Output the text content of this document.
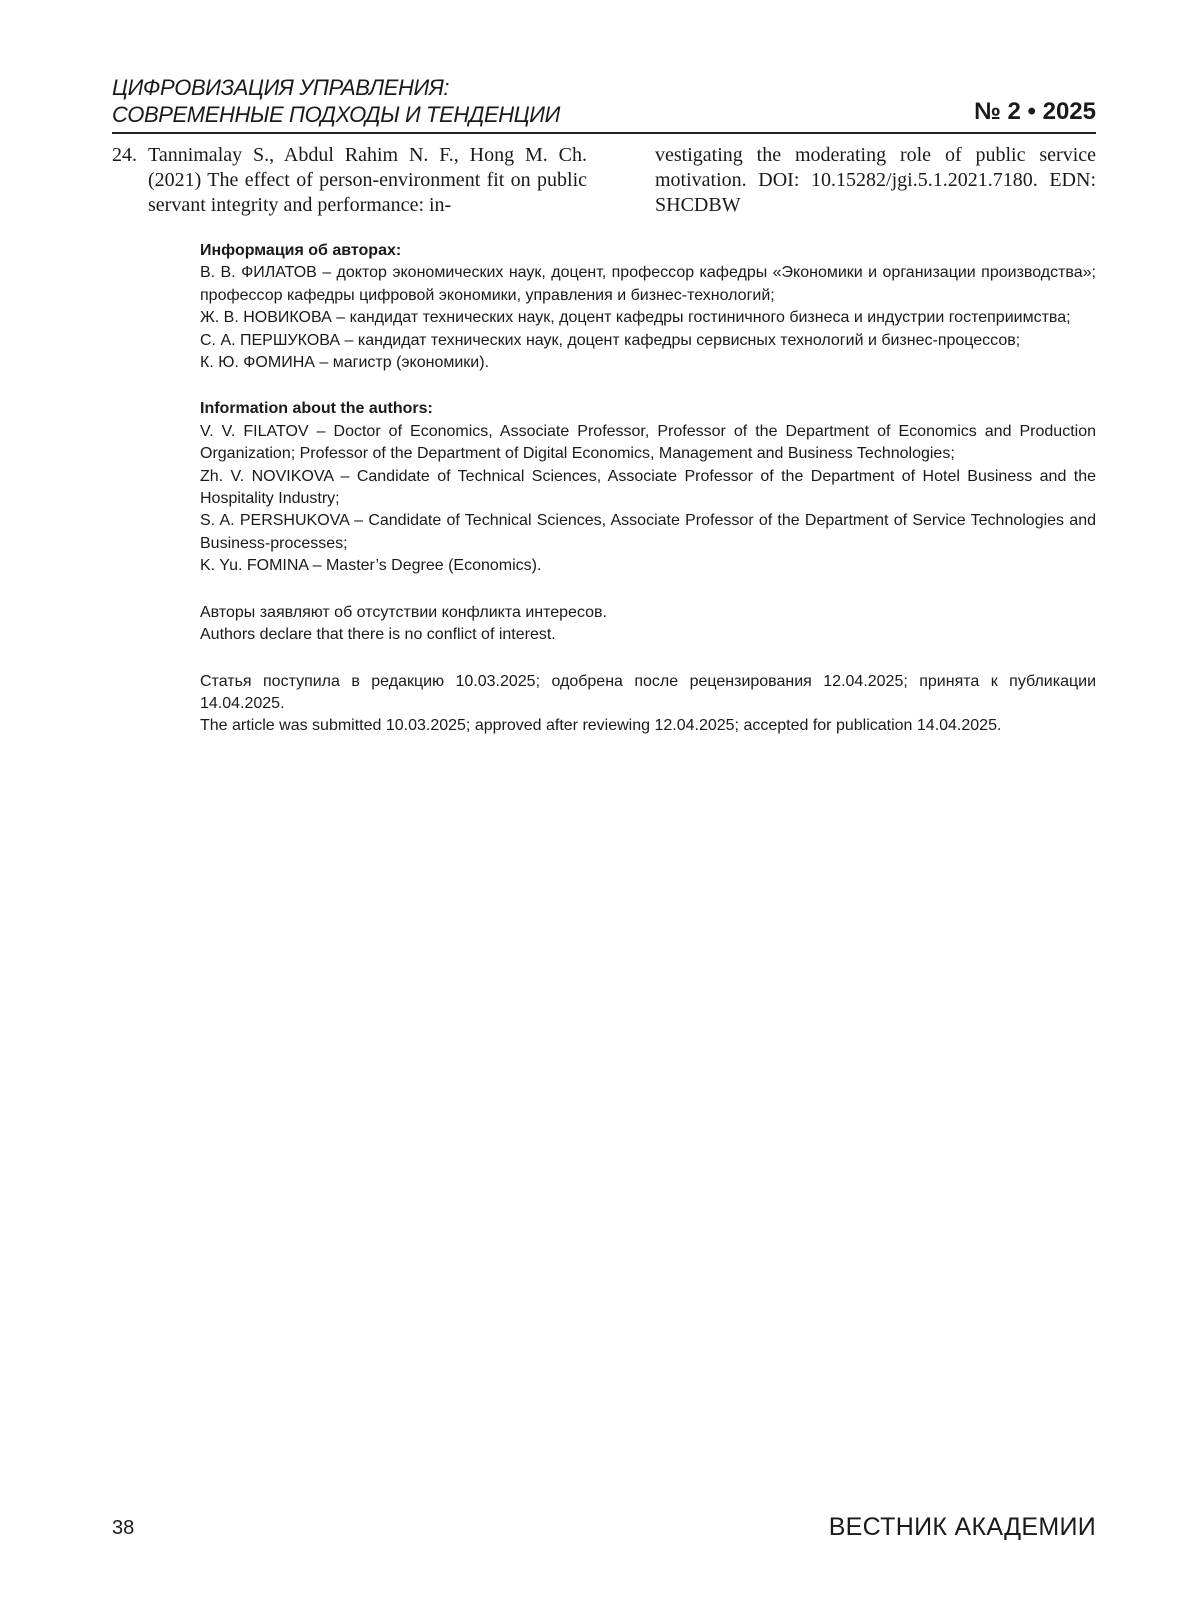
ЦИФРОВИЗАЦИЯ УПРАВЛЕНИЯ:
СОВРЕМЕННЫЕ ПОДХОДЫ И ТЕНДЕНЦИИ	№ 2 • 2025
24. Tannimalay S., Abdul Rahim N. F., Hong M. Ch. (2021) The effect of person-environment fit on public servant integrity and performance: in-
vestigating the moderating role of public service motivation. DOI: 10.15282/jgi.5.1.2021.7180. EDN: SHCDBW

Информация об авторах:

В. В. ФИЛАТОВ – доктор экономических наук, доцент, профессор кафедры «Экономики и организации производства»; профессор кафедры цифровой экономики, управления и бизнес-технологий;

Ж. В. НОВИКОВА – кандидат технических наук, доцент кафедры гостиничного бизнеса и индустрии гостеприимства;

С. А. ПЕРШУКОВА – кандидат технических наук, доцент кафедры сервисных технологий и бизнес-процессов;

К. Ю. ФОМИНА – магистр (экономики).

Information about the authors:

V. V. FILATOV – Doctor of Economics, Associate Professor, Professor of the Department of Economics and Production Organization; Professor of the Department of Digital Economics, Management and Business Technologies;

Zh. V. NOVIKOVA – Candidate of Technical Sciences, Associate Professor of the Department of Hotel Business and the Hospitality Industry;

S. A. PERSHUKOVA – Candidate of Technical Sciences, Associate Professor of the Department of Service Technologies and Business-processes;

K. Yu. FOMINA – Master’s Degree (Economics).

Авторы заявляют об отсутствии конфликта интересов.

Authors declare that there is no conflict of interest.

Статья поступила в редакцию 10.03.2025; одобрена после рецензирования 12.04.2025; принята к публикации 14.04.2025.

The article was submitted 10.03.2025; approved after reviewing 12.04.2025; accepted for publication 14.04.2025.

38	ВЕСТНИК АКАДЕМИИ
